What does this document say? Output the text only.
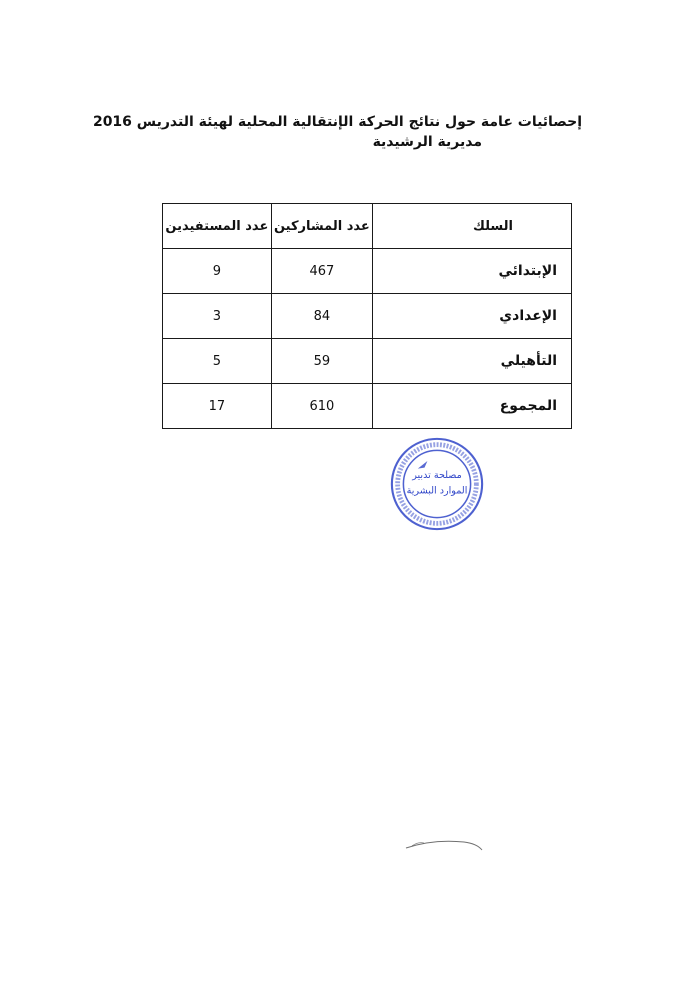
إحصائيات عامة حول نتائج الحركة الإنتقالية المحلية لهيئة التدريس 2016
مديرية الرشيدية
السلك	عدد المشاركين	عدد المستفيدين
الإبتدائي	467	9
الإعدادي	84	3
التأهيلي	59	5
المجموع	610	17
مصلحة تدبير
الموارد البشرية
